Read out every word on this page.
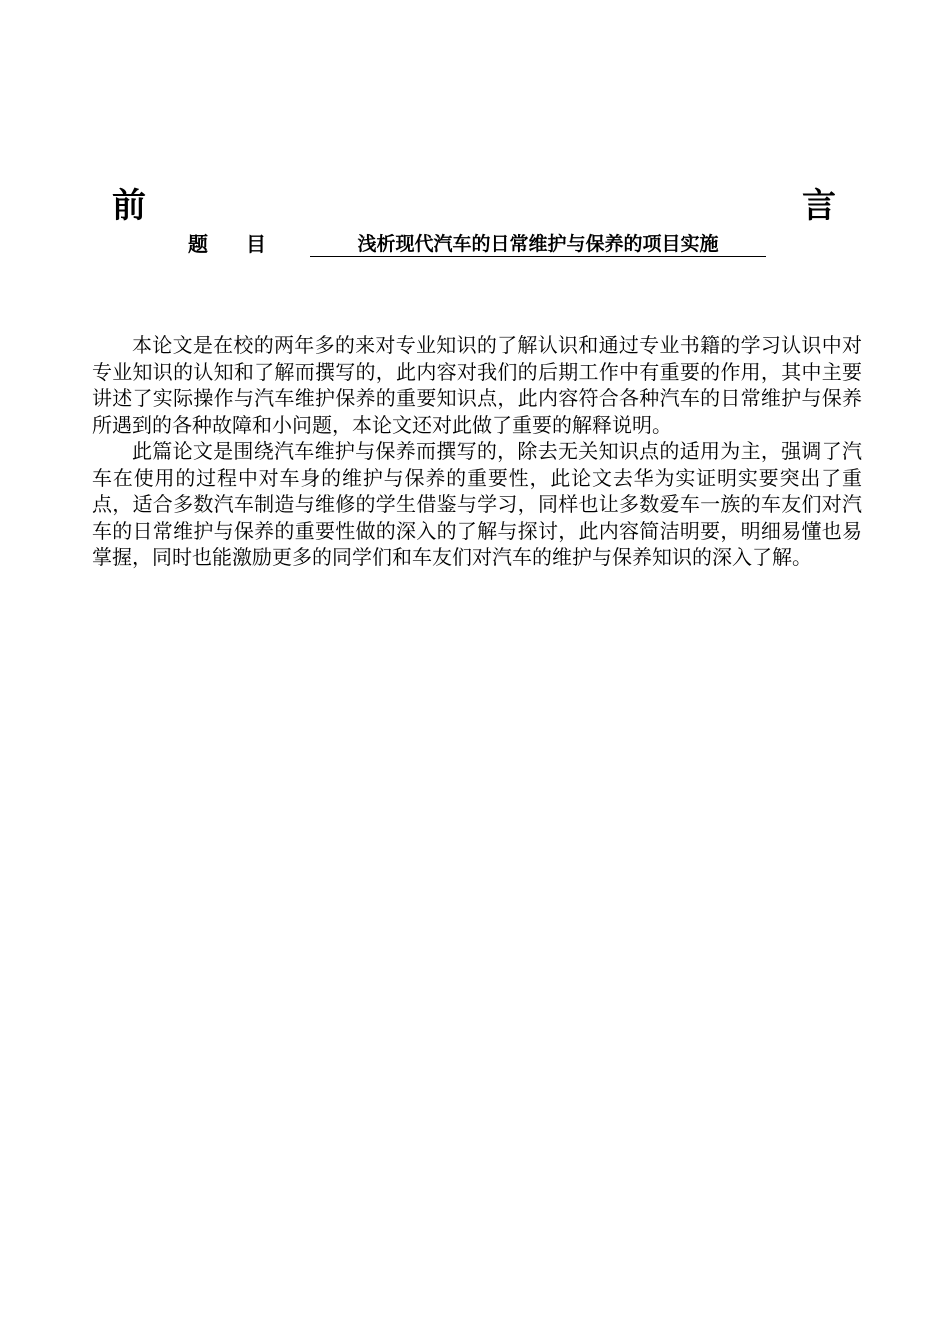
前
题目	浅析现代汽车的日常维护与保养的项目实施
言

本论文是在校的两年多的来对专业知识的了解认识和通过专业书籍的学习认识中对专业知识的认知和了解而撰写的，此内容对我们的后期工作中有重要的作用，其中主要讲述了实际操作与汽车维护保养的重要知识点，此内容符合各种汽车的日常维护与保养所遇到的各种故障和小问题，本论文还对此做了重要的解释说明。

此篇论文是围绕汽车维护与保养而撰写的，除去无关知识点的适用为主，强调了汽车在使用的过程中对车身的维护与保养的重要性，此论文去华为实证明实要突出了重点，适合多数汽车制造与维修的学生借鉴与学习，同样也让多数爱车一族的车友们对汽车的日常维护与保养的重要性做的深入的了解与探讨，此内容简洁明要，明细易懂也易掌握，同时也能激励更多的同学们和车友们对汽车的维护与保养知识的深入了解。
